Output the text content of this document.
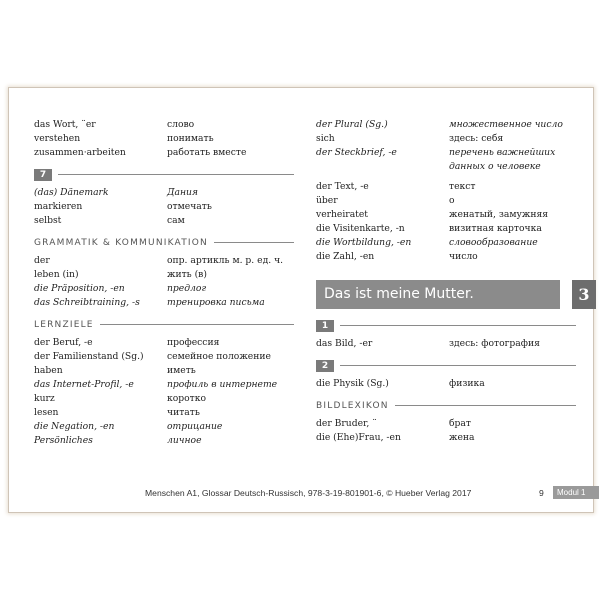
das Wort, ¨er	слово
verstehen	понимать
zusammen·arbeiten	работать вместе
7
(das) Dänemark	Дания
markieren	отмечать
selbst	сам
GRAMMATIK & KOMMUNIKATION
der	опр. артикль м. р. ед. ч.
leben (in)	жить (в)
die Präposition, -en	предлог
das Schreibtraining, -s	тренировка письма
LERNZIELE
der Beruf, -e	профессия
der Familienstand (Sg.)	семейное положение
haben	иметь
das Internet-Profil, -e	профиль в интернете
kurz	коротко
lesen	читать
die Negation, -en	отрицание
Persönliches	личное
der Plural (Sg.)	множественное число
sich	здесь: себя
der Steckbrief, -e	перечень важнейших
данных о человеке
der Text, -e	текст
über	о
verheiratet	женатый, замужняя
die Visitenkarte, -n	визитная карточка
die Wortbildung, -en	словообразование
die Zahl, -en	число
Das ist meine Mutter.	3
1
das Bild, -er	здесь: фотография
2
die Physik (Sg.)	физика
BILDLEXIKON
der Bruder, ¨	брат
die (Ehe)Frau, -en	жена
Menschen A1, Glossar Deutsch-Russisch, 978-3-19-801901-6, © Hueber Verlag 2017	9	Modul 1
